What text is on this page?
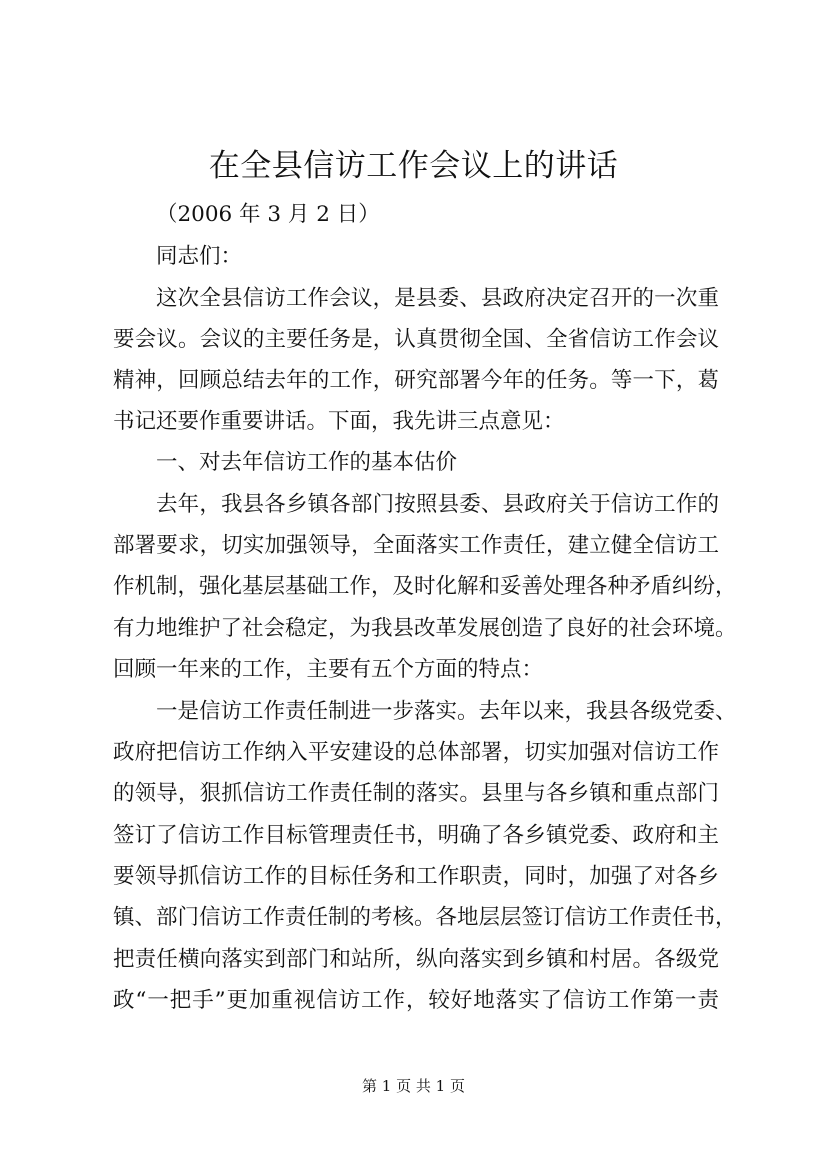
在全县信访工作会议上的讲话

（2006 年 3 月 2 日）

同志们：

这次全县信访工作会议，是县委、县政府决定召开的一次重

要会议。会议的主要任务是，认真贯彻全国、全省信访工作会议

精神，回顾总结去年的工作，研究部署今年的任务。等一下，葛

书记还要作重要讲话。下面，我先讲三点意见：

一、对去年信访工作的基本估价

去年，我县各乡镇各部门按照县委、县政府关于信访工作的

部署要求，切实加强领导，全面落实工作责任，建立健全信访工

作机制，强化基层基础工作，及时化解和妥善处理各种矛盾纠纷，

有力地维护了社会稳定，为我县改革发展创造了良好的社会环境。

回顾一年来的工作，主要有五个方面的特点：

一是信访工作责任制进一步落实。去年以来，我县各级党委、

政府把信访工作纳入平安建设的总体部署，切实加强对信访工作

的领导，狠抓信访工作责任制的落实。县里与各乡镇和重点部门

签订了信访工作目标管理责任书，明确了各乡镇党委、政府和主

要领导抓信访工作的目标任务和工作职责，同时，加强了对各乡

镇、部门信访工作责任制的考核。各地层层签订信访工作责任书，

把责任横向落实到部门和站所，纵向落实到乡镇和村居。各级党

政“一把手”更加重视信访工作，较好地落实了信访工作第一责

第 1 页 共 1 页
